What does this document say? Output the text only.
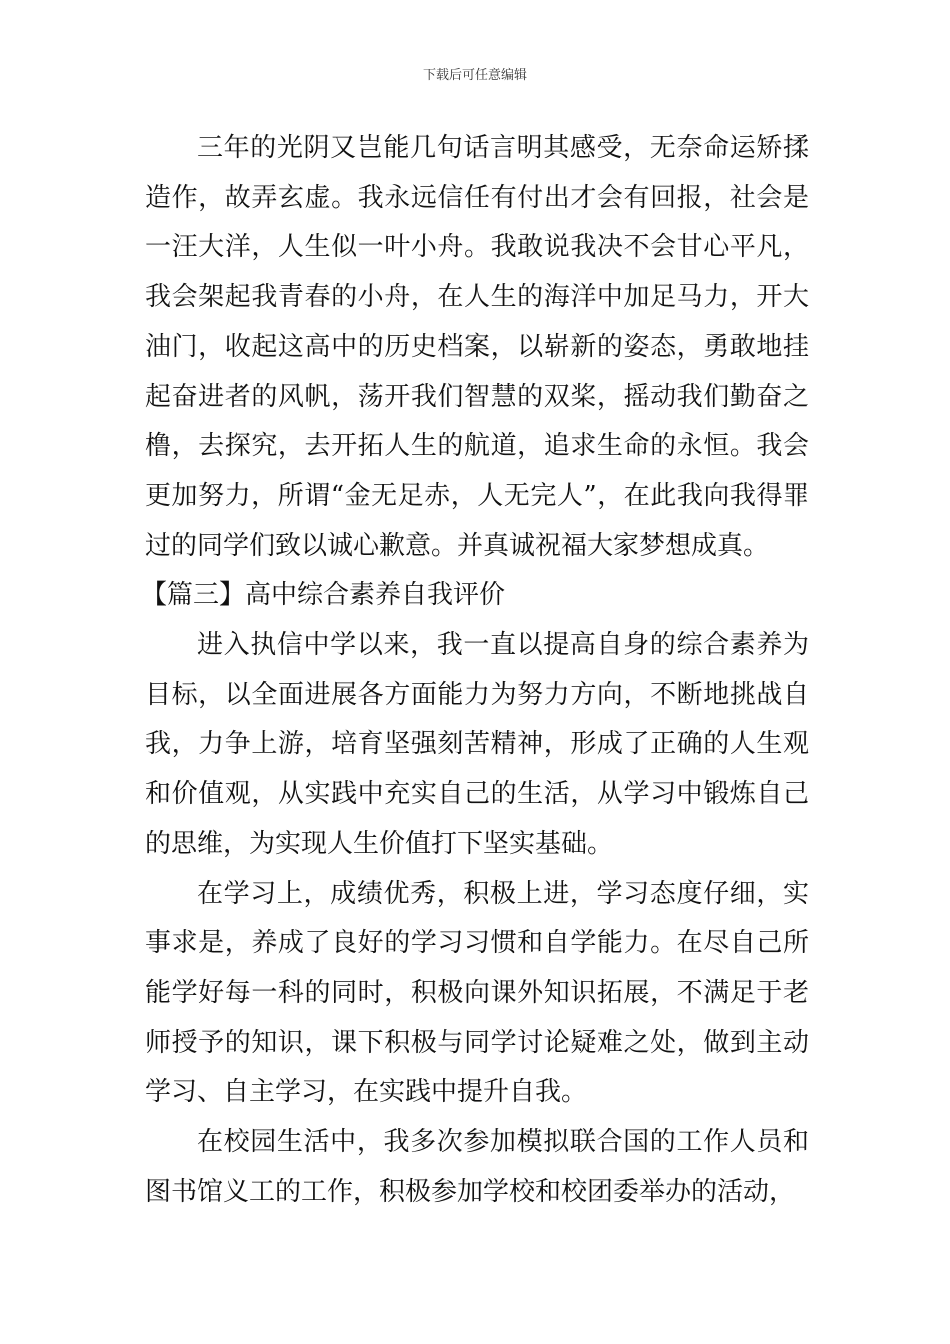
下载后可任意编辑

三年的光阴又岂能几句话言明其感受，无奈命运矫揉造作，故弄玄虚。我永远信任有付出才会有回报，社会是一汪大洋，人生似一叶小舟。我敢说我决不会甘心平凡，我会架起我青春的小舟，在人生的海洋中加足马力，开大油门，收起这高中的历史档案，以崭新的姿态，勇敢地挂起奋进者的风帆，荡开我们智慧的双桨，摇动我们勤奋之橹，去探究，去开拓人生的航道，追求生命的永恒。我会更加努力，所谓“金无足赤，人无完人”，在此我向我得罪过的同学们致以诚心歉意。并真诚祝福大家梦想成真。

【篇三】高中综合素养自我评价

进入执信中学以来，我一直以提高自身的综合素养为目标，以全面进展各方面能力为努力方向，不断地挑战自我，力争上游，培育坚强刻苦精神，形成了正确的人生观和价值观，从实践中充实自己的生活，从学习中锻炼自己的思维，为实现人生价值打下坚实基础。

在学习上，成绩优秀，积极上进，学习态度仔细，实事求是，养成了良好的学习习惯和自学能力。在尽自己所能学好每一科的同时，积极向课外知识拓展，不满足于老师授予的知识，课下积极与同学讨论疑难之处，做到主动学习、自主学习，在实践中提升自我。

在校园生活中，我多次参加模拟联合国的工作人员和图书馆义工的工作，积极参加学校和校团委举办的活动，
